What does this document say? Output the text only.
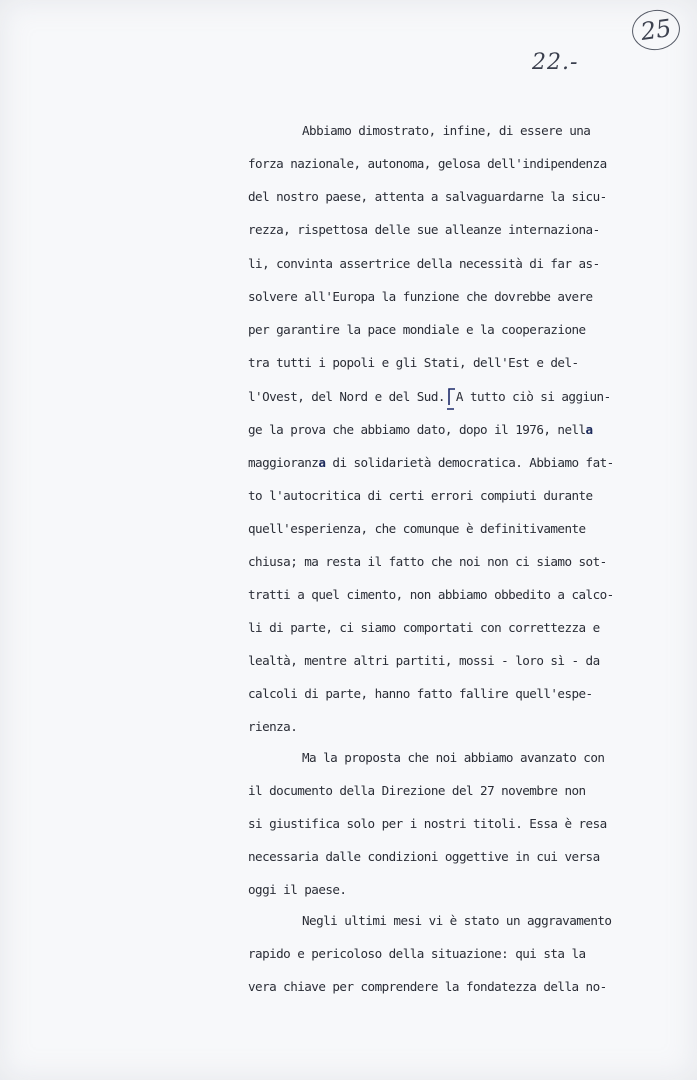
25
22.-
Abbiamo dimostrato, infine, di essere una
forza nazionale, autonoma, gelosa dell'indipendenza
del nostro paese, attenta a salvaguardarne la sicu-
rezza, rispettosa delle sue alleanze internaziona-
li, convinta assertrice della necessità di far as-
solvere all'Europa la funzione che dovrebbe avere
per garantire la pace mondiale e la cooperazione
tra tutti i popoli e gli Stati, dell'Est e del-
l'Ovest, del Nord e del Sud. A tutto ciò si aggiun-
ge la prova che abbiamo dato, dopo il 1976, nella
maggioranza di solidarietà democratica. Abbiamo fat-
to l'autocritica di certi errori compiuti durante
quell'esperienza, che comunque è definitivamente
chiusa; ma resta il fatto che noi non ci siamo sot-
tratti a quel cimento, non abbiamo obbedito a calco-
li di parte, ci siamo comportati con correttezza e
lealtà, mentre altri partiti, mossi - loro sì - da
calcoli di parte, hanno fatto fallire quell'espe-
rienza.
Ma la proposta che noi abbiamo avanzato con
il documento della Direzione del 27 novembre non
si giustifica solo per i nostri titoli. Essa è resa
necessaria dalle condizioni oggettive in cui versa
oggi il paese.
Negli ultimi mesi vi è stato un aggravamento
rapido e pericoloso della situazione: qui sta la
vera chiave per comprendere la fondatezza della no-
